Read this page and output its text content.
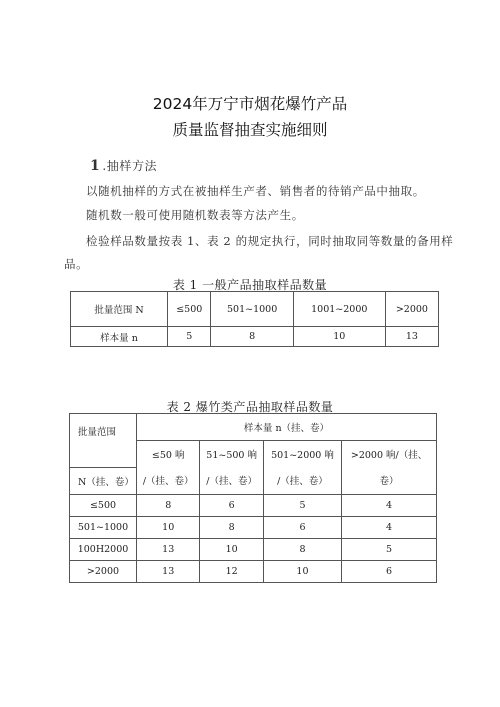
2024年万宁市烟花爆竹产品
质量监督抽查实施细则
1 .抽样方法
以随机抽样的方式在被抽样生产者、销售者的待销产品中抽取。
随机数一般可使用随机数表等方法产生。
检验样品数量按表 1、表 2 的规定执行，同时抽取同等数量的备用样
品。
表 1 一般产品抽取样品数量
批量范围 N	≤500	501~1000	1001~2000	>2000
样本量 n	5	8	10	13
表 2 爆竹类产品抽取样品数量
批量范围	样本量 n（挂、卷）			
	≤50 响	51~500 响	501~2000 响	>2000 响/（挂、
N（挂、卷）	/（挂、卷）	/（挂、卷）	/（挂、卷）	卷）
≤500	8	6	5	4
501~1000	10	8	6	4
100H2000	13	10	8	5
>2000	13	12	10	6
